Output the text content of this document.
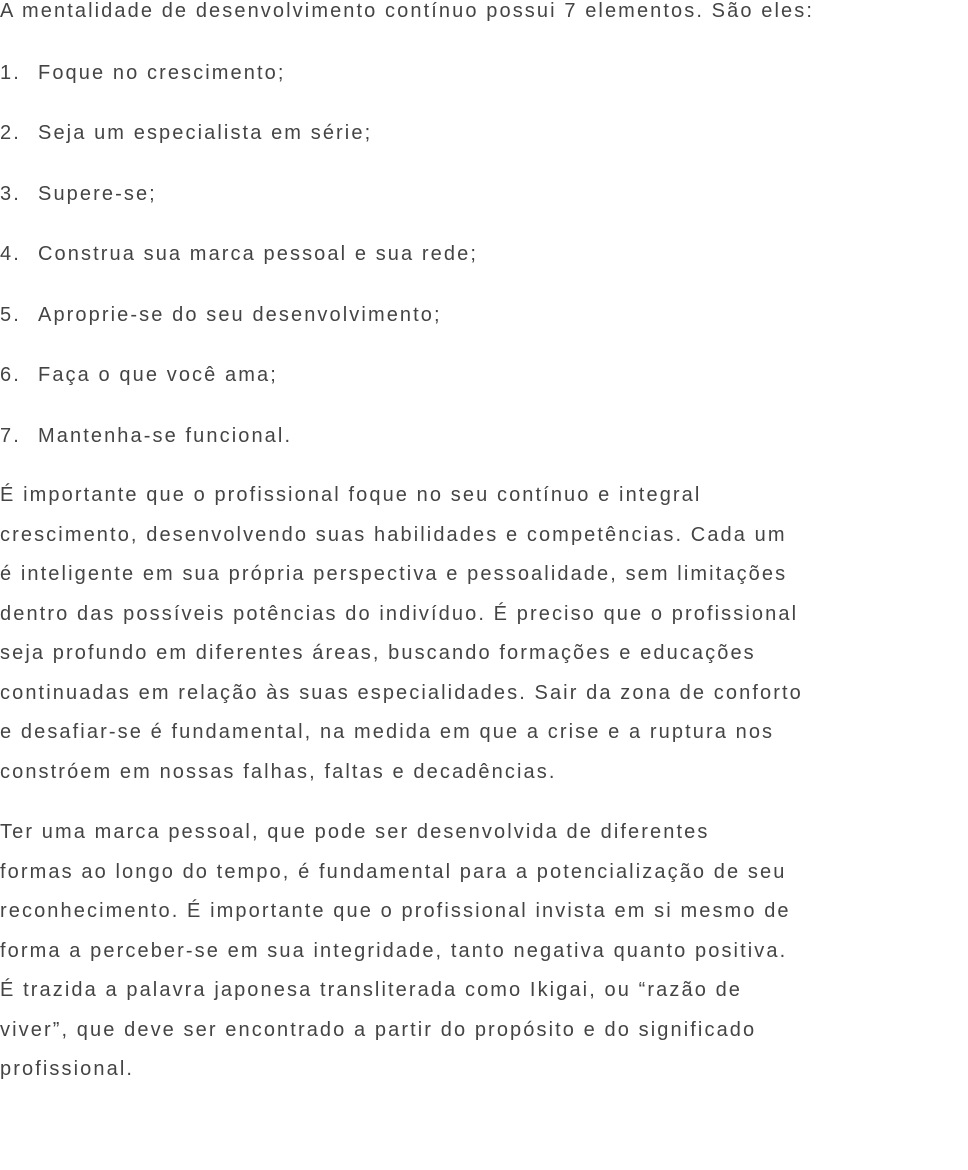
A mentalidade de desenvolvimento contínuo possui 7 elementos. São eles:

1. Foque no crescimento;
2. Seja um especialista em série;
3. Supere-se;
4. Construa sua marca pessoal e sua rede;
5. Aproprie-se do seu desenvolvimento;
6. Faça o que você ama;
7. Mantenha-se funcional.

É importante que o profissional foque no seu contínuo e integral
crescimento, desenvolvendo suas habilidades e competências. Cada um
é inteligente em sua própria perspectiva e pessoalidade, sem limitações
dentro das possíveis potências do indivíduo. É preciso que o profissional
seja profundo em diferentes áreas, buscando formações e educações
continuadas em relação às suas especialidades. Sair da zona de conforto
e desafiar-se é fundamental, na medida em que a crise e a ruptura nos
constróem em nossas falhas, faltas e decadências.

Ter uma marca pessoal, que pode ser desenvolvida de diferentes
formas ao longo do tempo, é fundamental para a potencialização de seu
reconhecimento. É importante que o profissional invista em si mesmo de
forma a perceber-se em sua integridade, tanto negativa quanto positiva.
É trazida a palavra japonesa transliterada como Ikigai, ou “razão de
viver”, que deve ser encontrado a partir do propósito e do significado
profissional.
